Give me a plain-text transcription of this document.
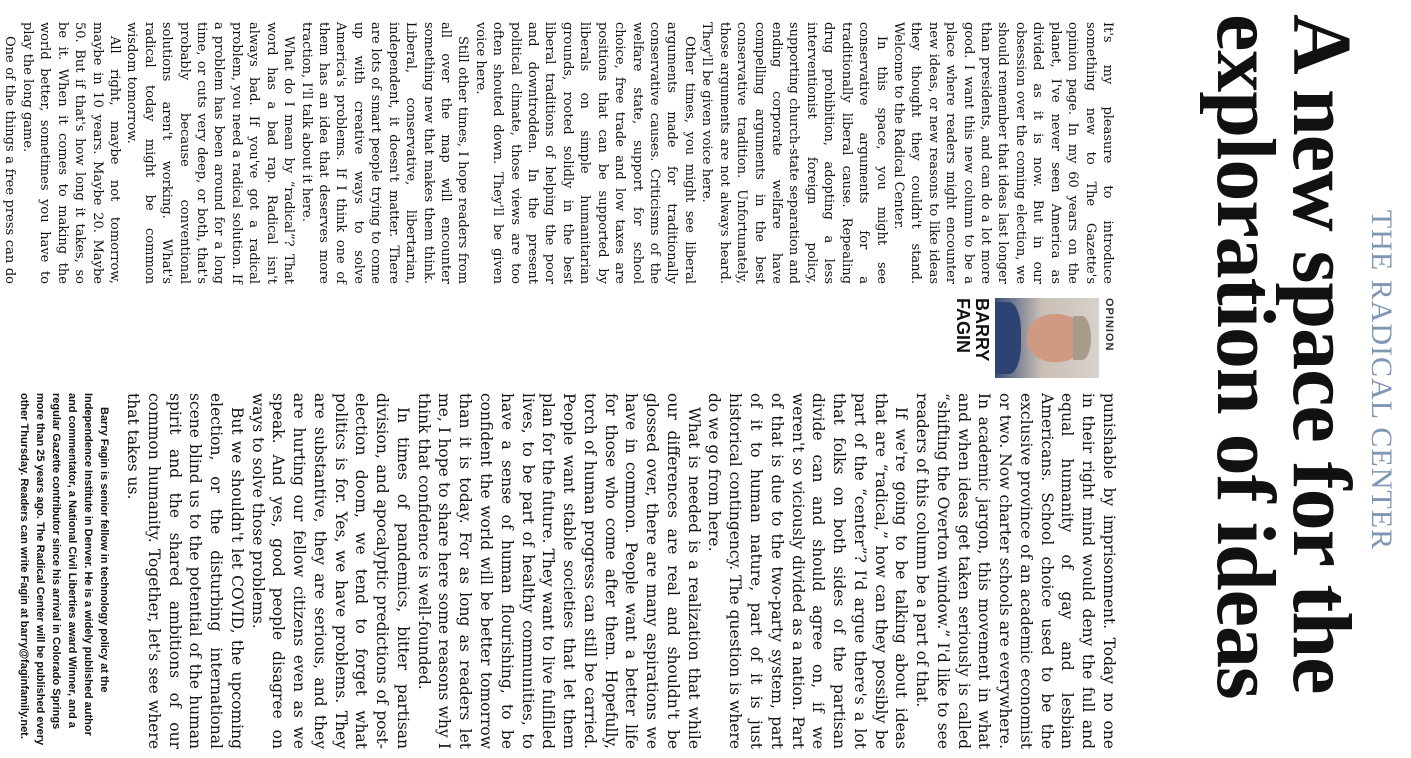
THE RADICAL CENTER
A new space for the
exploration of ideas
OPINION
BARRY
FAGIN

It's my pleasure to introduce something new to The Gazette's opinion page. In my 60 years on the planet, I've never seen America as divided as it is now. But in our obsession over the coming election, we should remember that ideas last longer than presidents, and can do a lot more good. I want this new column to be a place where readers might encounter new ideas, or new reasons to like ideas they thought they couldn't stand. Welcome to the Radical Center.

In this space, you might see conservative arguments for a traditionally liberal cause. Repealing drug prohibition, adopting a less interventionist foreign policy, supporting church-state separation and ending corporate welfare have compelling arguments in the best conservative tradition. Unfortunately, those arguments are not always heard. They'll be given voice here.

Other times, you might see liberal arguments made for traditionally conservative causes. Criticisms of the welfare state, support for school choice, free trade and low taxes are positions that can be supported by liberals on simple humanitarian grounds, rooted solidly in the best liberal traditions of helping the poor and downtrodden. In the present political climate, those views are too often shouted down. They'll be given voice here.

Still other times, I hope readers from all over the map will encounter something new that makes them think. Liberal, conservative, libertarian, independent, it doesn't matter. There are lots of smart people trying to come up with creative ways to solve America's problems. If I think one of them has an idea that deserves more traction, I'll talk about it here.

What do I mean by “radical”? That word has a bad rap. Radical isn't always bad. If you've got a radical problem, you need a radical solution. If a problem has been around for a long time, or cuts very deep, or both, that's probably because conventional solutions aren't working. What's radical today might be common wisdom tomorrow.

All right, maybe not tomorrow, maybe in 10 years. Maybe 20. Maybe 50. But if that's how long it takes, so be it. When it comes to making the world better, sometimes you have to play the long game.

One of the things a free press can do

punishable by imprisonment. Today no one in their right mind would deny the full and equal humanity of gay and lesbian Americans. School choice used to be the exclusive province of an academic economist or two. Now charter schools are everywhere. In academic jargon, this movement in what and when ideas get taken seriously is called “shifting the Overton window.” I'd like to see readers of this column be a part of that.

If we're going to be talking about ideas that are “radical,” how can they possibly be part of the “center”? I'd argue there's a lot that folks on both sides of the partisan divide can and should agree on, if we weren't so viciously divided as a nation. Part of that is due to the two-party system, part of it to human nature, part of it is just historical contingency. The question is where do we go from here.

What is needed is a realization that while our differences are real and shouldn't be glossed over, there are many aspirations we have in common. People want a better life for those who come after them. Hopefully, torch of human progress can still be carried. People want stable societies that let them plan for the future. They want to live fulfilled lives, to be part of healthy communities, to have a sense of human flourishing, to be confident the world will be better tomorrow than it is today. For as long as readers let me, I hope to share here some reasons why I think that confidence is well-founded.

In times of pandemics, bitter partisan division, and apocalyptic predictions of post-election doom, we tend to forget what politics is for. Yes, we have problems. They are substantive, they are serious, and they are hurting our fellow citizens even as we speak. And yes, good people disagree on ways to solve those problems.

But we shouldn't let COVID, the upcoming election, or the disturbing international scene blind us to the potential of the human spirit and the shared ambitions of our common humanity. Together, let's see where that takes us.

Barry Fagin is senior fellow in technology policy at the Independence Institute in Denver. He is a widely published author and commentator, a National Civil Liberties award Winner, and a regular Gazette contributor since his arrival in Colorado Springs more than 25 years ago. The Radical Center will be published every other Thursday. Readers can write Fagin at barry@faginfamily.net.
